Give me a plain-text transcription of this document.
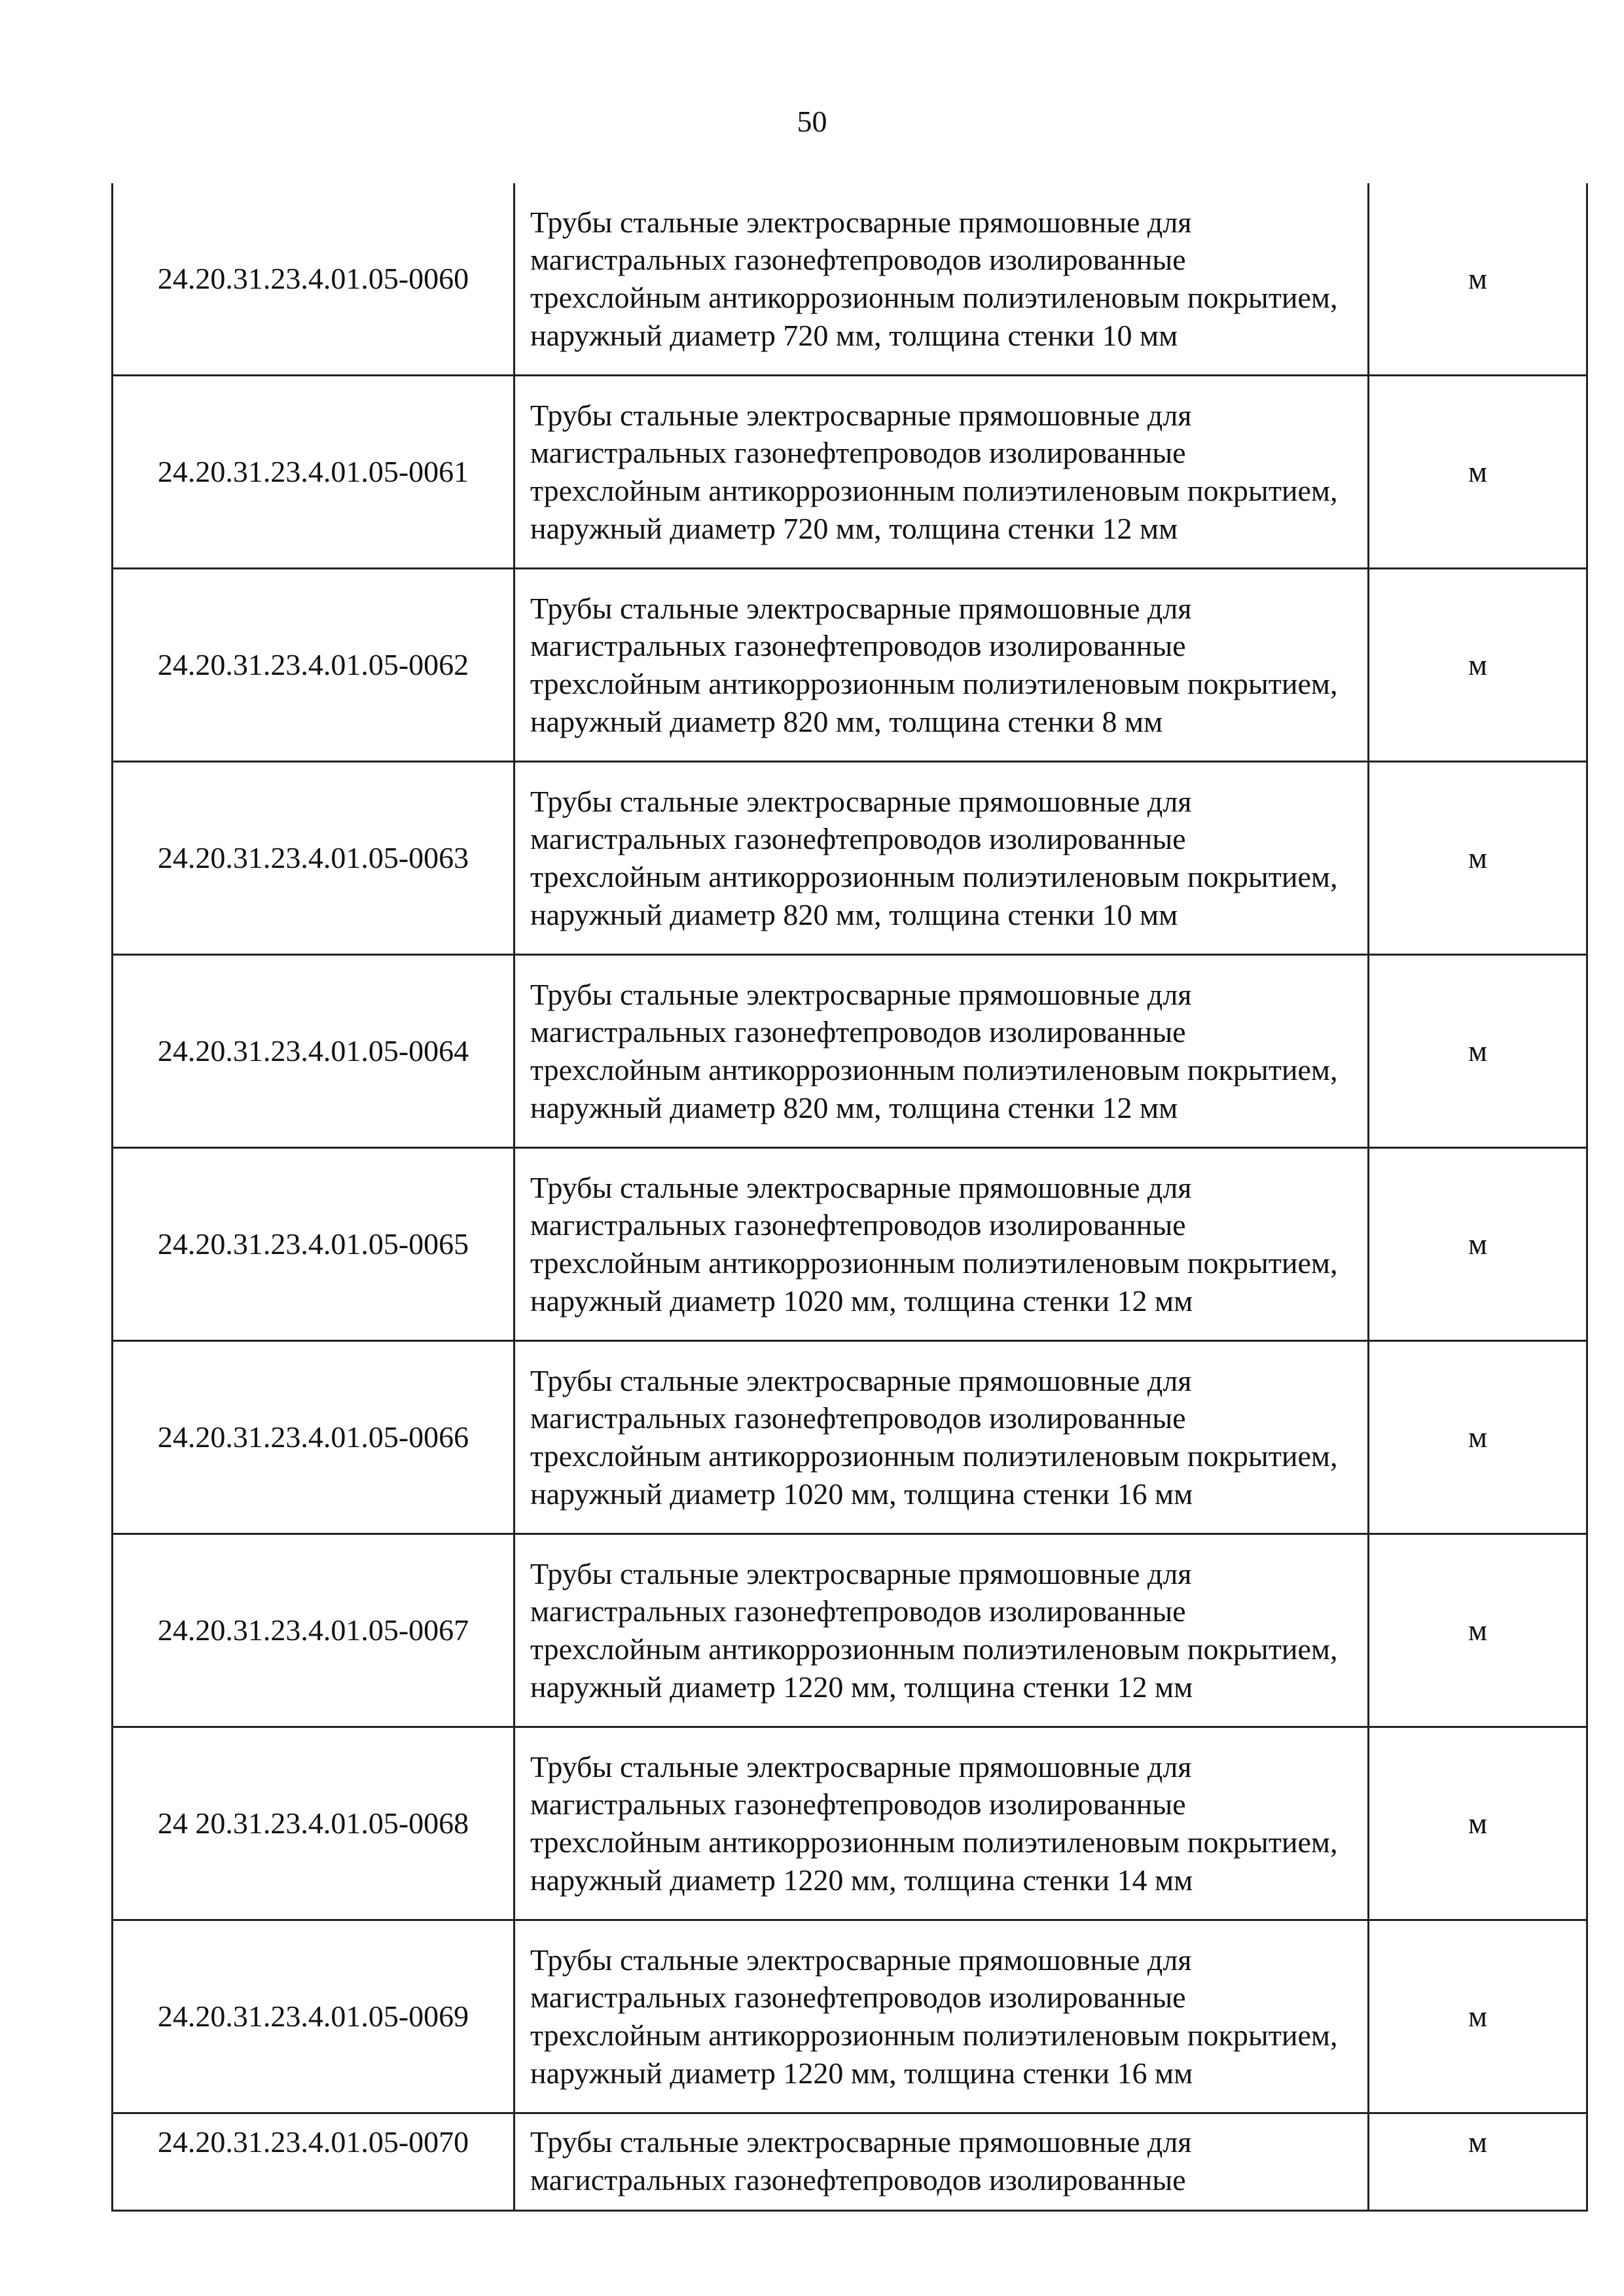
50
24.20.31.23.4.01.05-0060	Трубы стальные электросварные прямошовные для магистральных газонефтепроводов изолированные трехслойным антикоррозионным полиэтиленовым покрытием, наружный диаметр 720 мм, толщина стенки 10 мм	м
24.20.31.23.4.01.05-0061	Трубы стальные электросварные прямошовные для магистральных газонефтепроводов изолированные трехслойным антикоррозионным полиэтиленовым покрытием, наружный диаметр 720 мм, толщина стенки 12 мм	м
24.20.31.23.4.01.05-0062	Трубы стальные электросварные прямошовные для магистральных газонефтепроводов изолированные трехслойным антикоррозионным полиэтиленовым покрытием, наружный диаметр 820 мм, толщина стенки 8 мм	м
24.20.31.23.4.01.05-0063	Трубы стальные электросварные прямошовные для магистральных газонефтепроводов изолированные трехслойным антикоррозионным полиэтиленовым покрытием, наружный диаметр 820 мм, толщина стенки 10 мм	м
24.20.31.23.4.01.05-0064	Трубы стальные электросварные прямошовные для магистральных газонефтепроводов изолированные трехслойным антикоррозионным полиэтиленовым покрытием, наружный диаметр 820 мм, толщина стенки 12 мм	м
24.20.31.23.4.01.05-0065	Трубы стальные электросварные прямошовные для магистральных газонефтепроводов изолированные трехслойным антикоррозионным полиэтиленовым покрытием, наружный диаметр 1020 мм, толщина стенки 12 мм	м
24.20.31.23.4.01.05-0066	Трубы стальные электросварные прямошовные для магистральных газонефтепроводов изолированные трехслойным антикоррозионным полиэтиленовым покрытием, наружный диаметр 1020 мм, толщина стенки 16 мм	м
24.20.31.23.4.01.05-0067	Трубы стальные электросварные прямошовные для магистральных газонефтепроводов изолированные трехслойным антикоррозионным полиэтиленовым покрытием, наружный диаметр 1220 мм, толщина стенки 12 мм	м
24 20.31.23.4.01.05-0068	Трубы стальные электросварные прямошовные для магистральных газонефтепроводов изолированные трехслойным антикоррозионным полиэтиленовым покрытием, наружный диаметр 1220 мм, толщина стенки 14 мм	м
24.20.31.23.4.01.05-0069	Трубы стальные электросварные прямошовные для магистральных газонефтепроводов изолированные трехслойным антикоррозионным полиэтиленовым покрытием, наружный диаметр 1220 мм, толщина стенки 16 мм	м
24.20.31.23.4.01.05-0070	Трубы стальные электросварные прямошовные для магистральных газонефтепроводов изолированные	м
